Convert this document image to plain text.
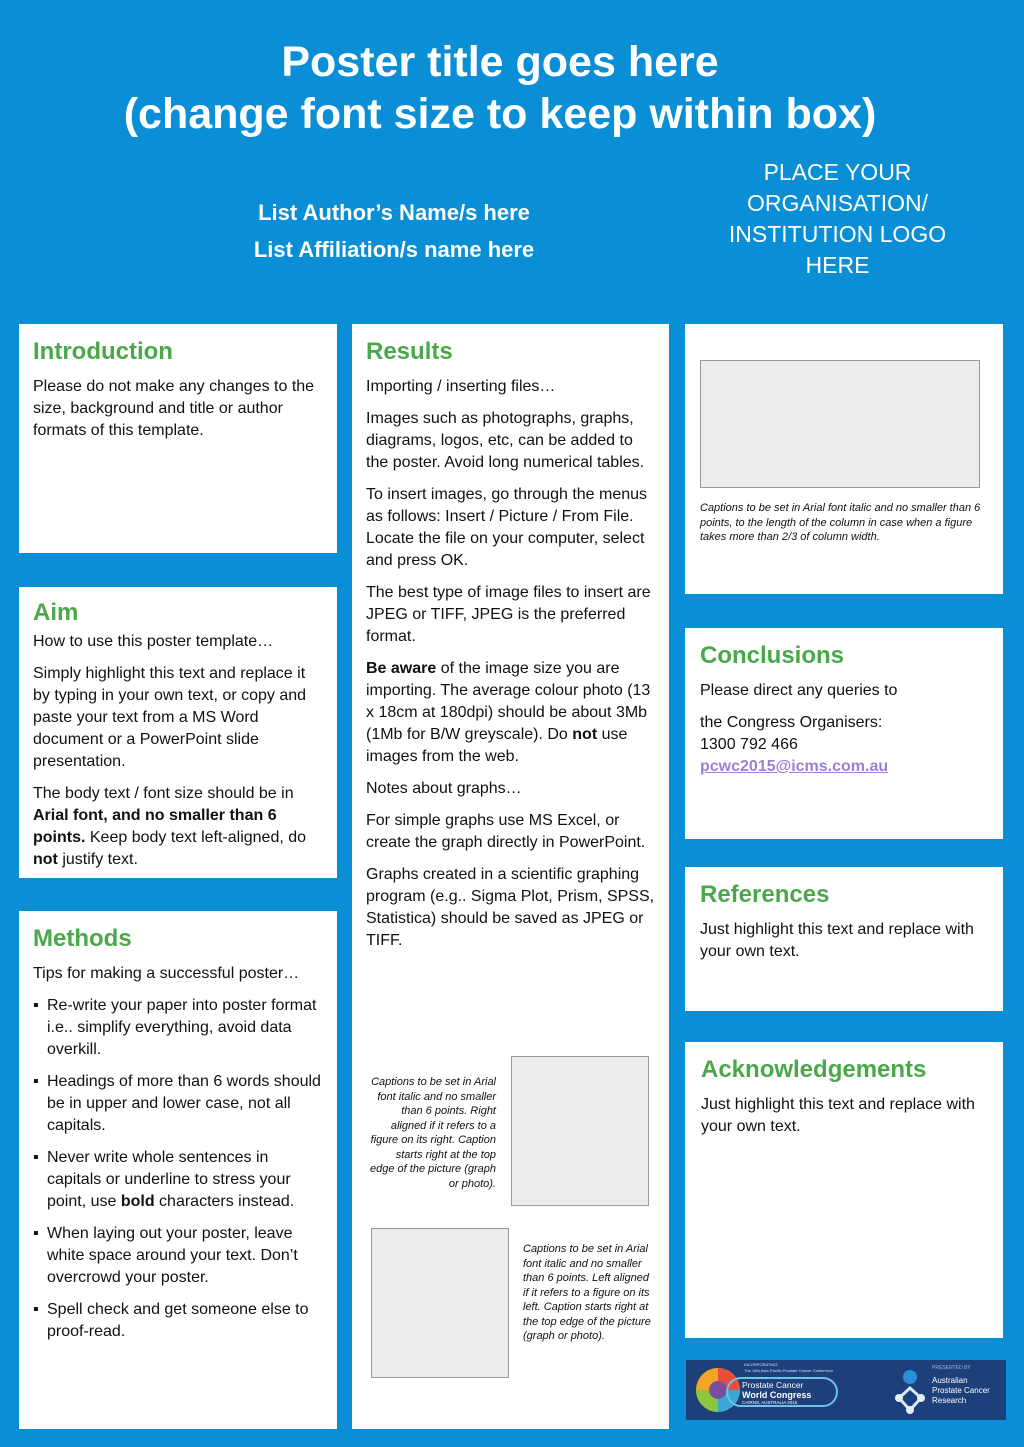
Poster title goes here
(change font size to keep within box)
List Author’s Name/s here
List Affiliation/s name here
PLACE YOUR ORGANISATION/ INSTITUTION LOGO HERE
Introduction

Please do not make any changes to the size, background and title or author formats of this template.

Aim

How to use this poster template…

Simply highlight this text and replace it by typing in your own text, or copy and paste your text from a MS Word document or a PowerPoint slide presentation.

The body text / font size should be in Arial font, and no smaller than 6 points. Keep body text left-aligned, do not justify text.

Methods

Tips for making a successful poster…

▪ Re-write your paper into poster format i.e.. simplify everything, avoid data overkill.
▪ Headings of more than 6 words should be in upper and lower case, not all capitals.
▪ Never write whole sentences in capitals or underline to stress your point, use bold characters instead.
▪ When laying out your poster, leave white space around your text. Don’t overcrowd your poster.
▪ Spell check and get someone else to proof-read.
Results

Importing / inserting files…

Images such as photographs, graphs, diagrams, logos, etc, can be added to the poster. Avoid long numerical tables.

To insert images, go through the menus as follows: Insert / Picture / From File. Locate the file on your computer, select and press OK.

The best type of image files to insert are JPEG or TIFF, JPEG is the preferred format.

Be aware of the image size you are importing. The average colour photo (13 x 18cm at 180dpi) should be about 3Mb (1Mb for B/W greyscale). Do not use images from the web.

Notes about graphs…

For simple graphs use MS Excel, or create the graph directly in PowerPoint.

Graphs created in a scientific graphing program (e.g.. Sigma Plot, Prism, SPSS, Statistica) should be saved as JPEG or TIFF.

Captions to be set in Arial font italic and no smaller than 6 points. Right aligned if it refers to a figure on its right. Caption starts right at the top edge of the picture (graph or photo).
Captions to be set in Arial font italic and no smaller than 6 points. Left aligned if it refers to a figure on its left. Caption starts right at the top edge of the picture (graph or photo).
Captions to be set in Arial font italic and no smaller than 6 points, to the length of the column in case when a figure takes more than 2/3 of column width.
Conclusions

Please direct any queries to

the Congress Organisers:
1300 792 466
pcwc2015@icms.com.au

References

Just highlight this text and replace with your own text.

Acknowledgements

Just highlight this text and replace with your own text.

Prostate Cancer
World Congress
CAIRNS, AUSTRALIA 2015
INCORPORATING
The 16th Asia-Pacific Prostate Cancer Conference	PRESENTED BY
Australian
Prostate Cancer
Research
